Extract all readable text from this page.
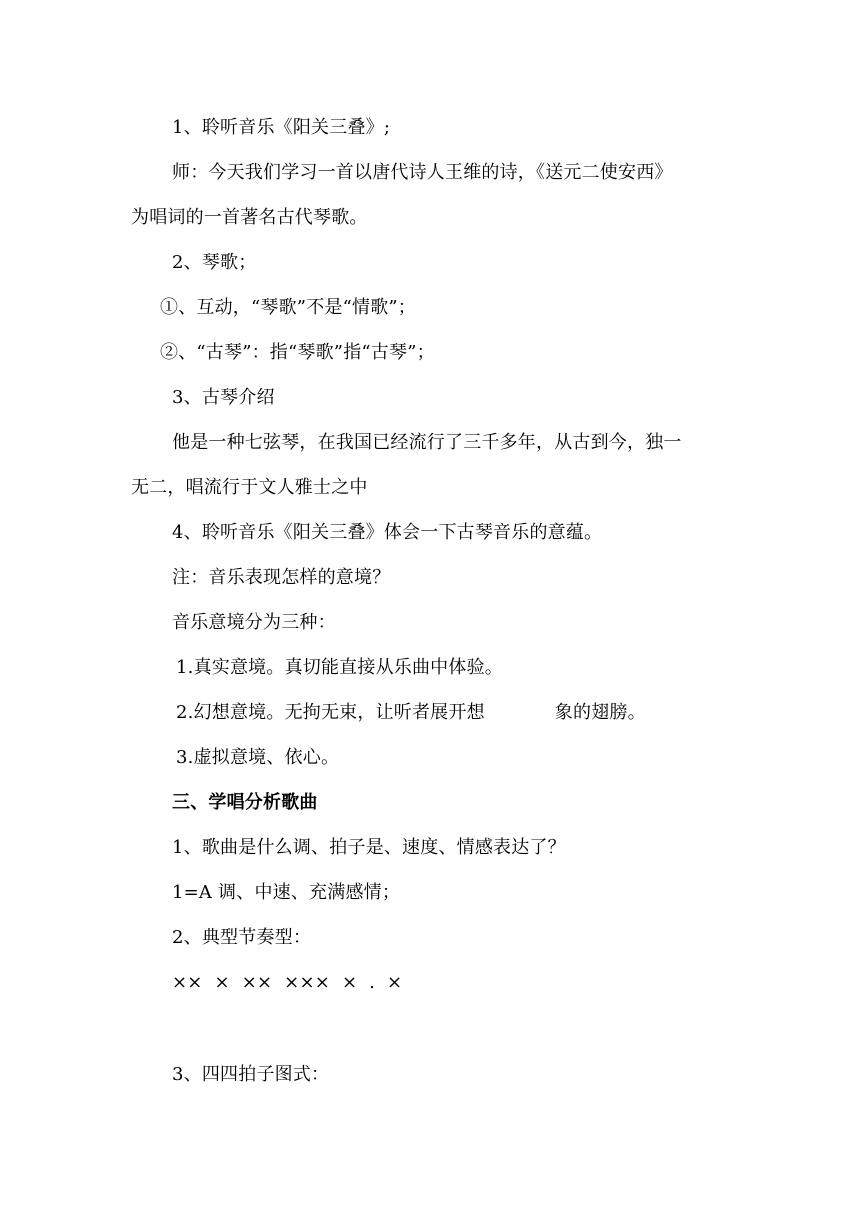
1、聆听音乐《阳关三叠》;
师：今天我们学习一首以唐代诗人王维的诗，《送元二使安西》
为唱词的一首著名古代琴歌。
2、琴歌；
①、互动，“琴歌”不是“情歌”；
②、“古琴”：指“琴歌”指“古琴”；
3、古琴介绍
他是一种七弦琴，在我国已经流行了三千多年，从古到今，独一
无二，唱流行于文人雅士之中
4、聆听音乐《阳关三叠》体会一下古琴音乐的意蕴。
注：音乐表现怎样的意境？
音乐意境分为三种：
1.真实意境。真切能直接从乐曲中体验。
2.幻想意境。无拘无束，让听者展开想	象的翅膀。
3.虚拟意境、依心。
三、学唱分析歌曲
1、歌曲是什么调、拍子是、速度、情感表达了？
1=A 调、中速、充满感情；
2、典型节奏型：
×× × ×× ××× × . ×
3、四四拍子图式：
